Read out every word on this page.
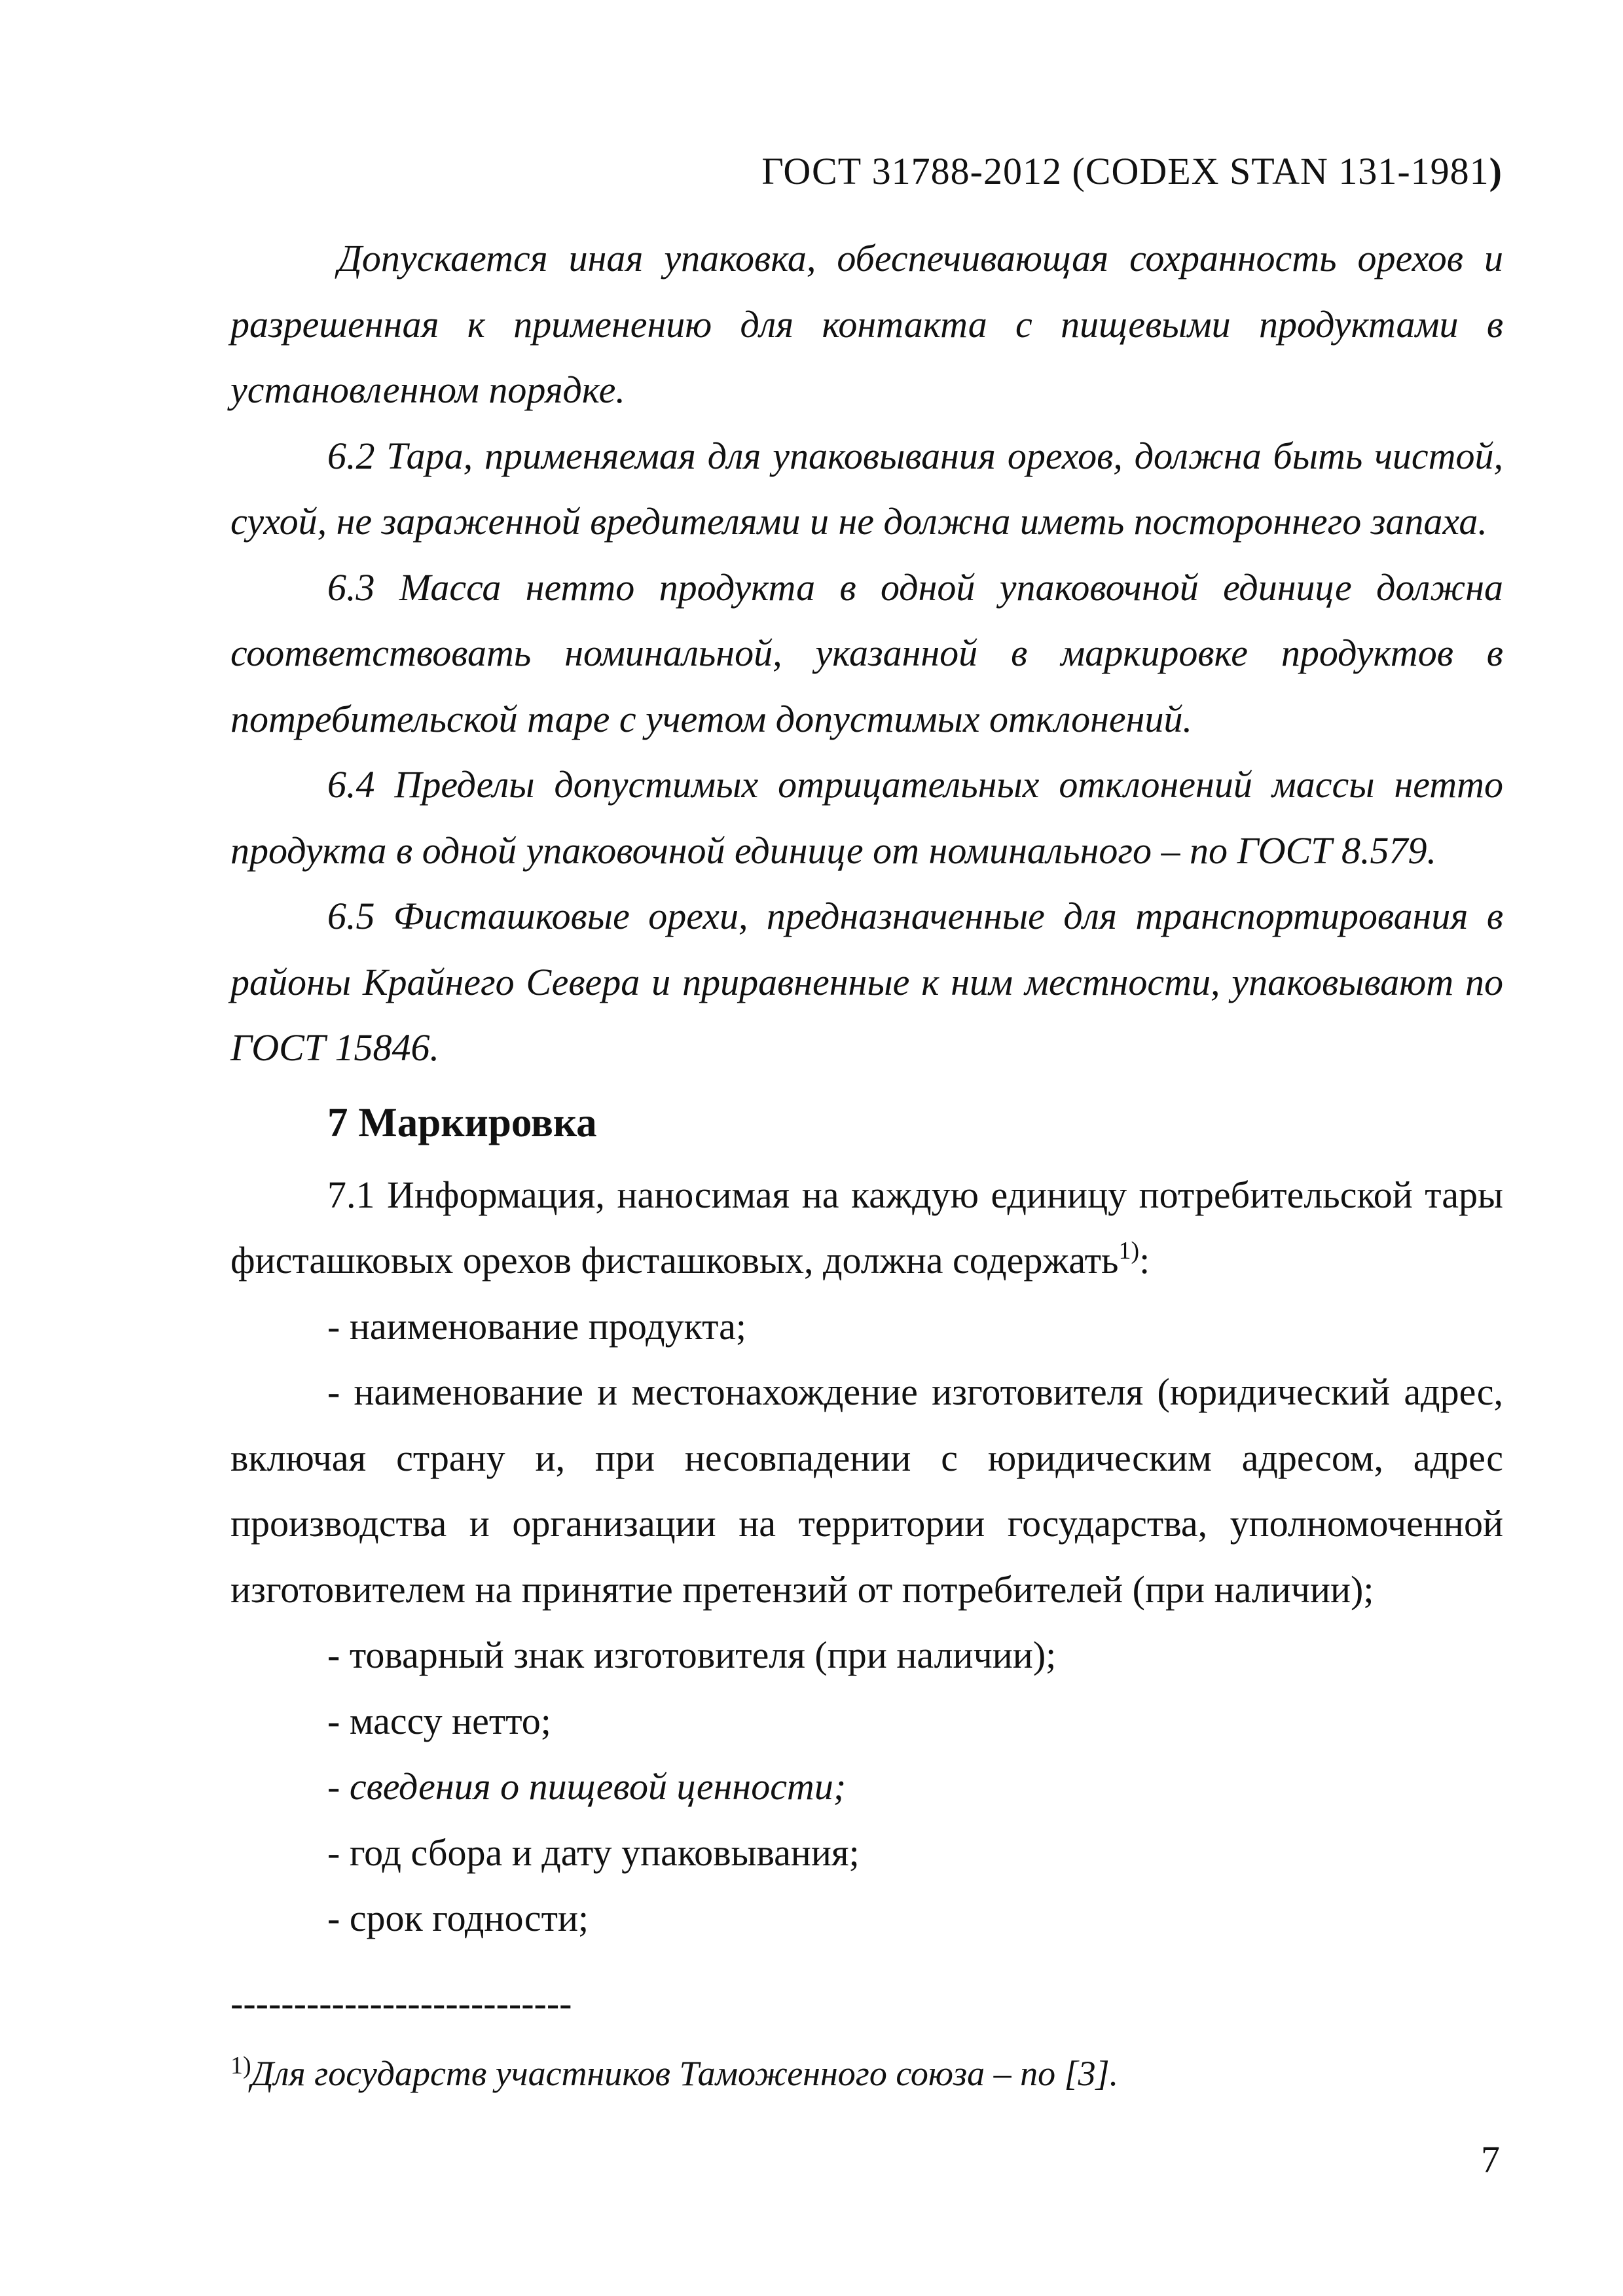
ГОСТ 31788-2012 (CODEX STAN 131-1981)

Допускается иная упаковка, обеспечивающая сохранность орехов и разрешенная к применению для контакта с пищевыми продуктами в установленном порядке.

6.2 Тара, применяемая для упаковывания орехов, должна быть чистой, сухой, не зараженной вредителями и не должна иметь постороннего запаха.

6.3 Масса нетто продукта в одной упаковочной единице должна соответствовать номинальной, указанной в маркировке продуктов в потребительской таре с учетом допустимых отклонений.

6.4 Пределы допустимых отрицательных отклонений массы нетто продукта в одной упаковочной единице от номинального – по ГОСТ 8.579.

6.5 Фисташковые орехи, предназначенные для транспортирования в районы Крайнего Севера и приравненные к ним местности, упаковывают по ГОСТ 15846.

7 Маркировка

7.1 Информация, наносимая на каждую единицу потребительской тары фисташковых орехов фисташковых, должна содержать$^{1)}$:

- наименование продукта;

- наименование и местонахождение изготовителя (юридический адрес, включая страну и, при несовпадении с юридическим адресом, адрес производства и организации на территории государства, уполномоченной изготовителем на принятие претензий от потребителей (при наличии);

- товарный знак изготовителя (при наличии);

- массу нетто;

- сведения о пищевой ценности;

- год сбора и дату упаковывания;

- срок годности;

---------------------------

$^{1)}$Для государств участников Таможенного союза – по [3].

7
